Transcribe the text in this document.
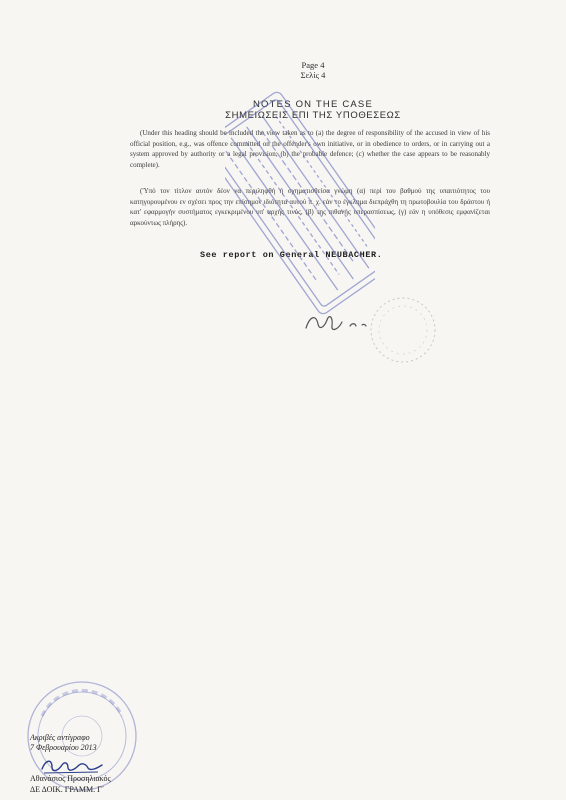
Page 4
Σελίς 4
NOTES ON THE CASE
ΣΗΜΕΙΩΣΕΙΣ ΕΠΙ ΤΗΣ ΥΠΟΘΕΣΕΩΣ
(Under this heading should be included the view taken as to (a) the degree of responsibility of the accused in view of his official position, e.g., was offence committed on the offender's own initiative, or in obedience to orders, or in carrying out a system approved by authority or a legal provision; (b) the probable defence; (c) whether the case appears to be reasonably complete).
('Υπό τον τίτλον αυτόν δέον να περιληφθή ή σχηματισθείσα γνώμη (α) περί του βαθμού της υπαιτιότητος του κατηγορουμένου εν σχέσει προς την επίσημον ιδιότητα αυτού π. χ. εάν το έγκλημα διεπράχθη τη πρωτοβουλία του δράστου ή κατ' εφαρμογήν συστήματος εγκεκριμένου υπ' αρχής τινός, (β) της πιθανής υπερασπίσεως, (γ) εάν η υπόθεσις εμφανίζεται αρκούντως πλήρης).
See report on General NEUBACHER.
Ακριβές αντίγραφο
7 Φεβρουαρίου 2013
Αθανάσιος Προσηλιακός
ΔΕ ΔΟΙΚ. ΓΡΑΜΜ. Γ΄
